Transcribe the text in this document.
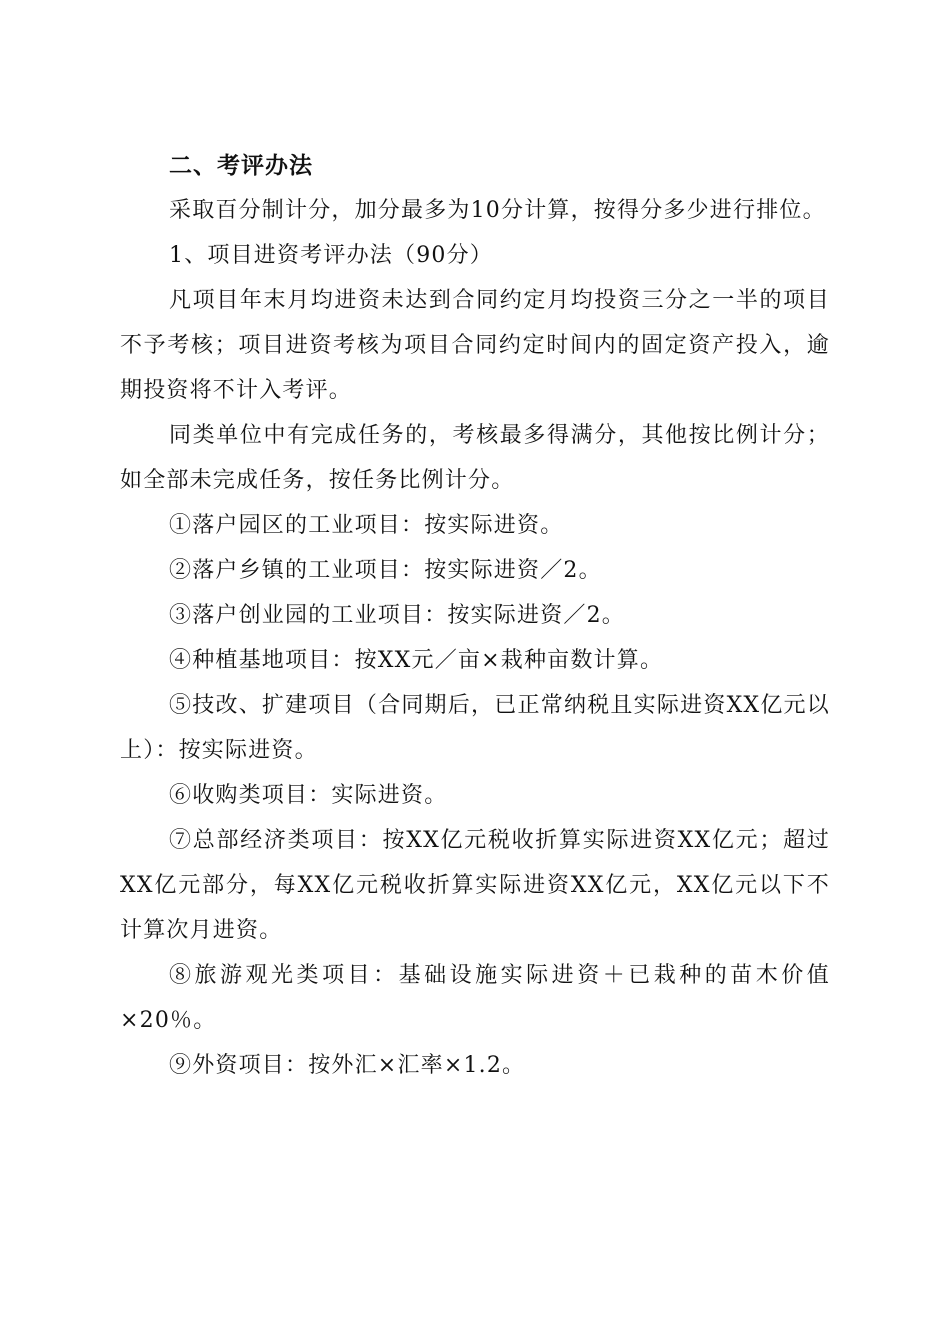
二、考评办法

采取百分制计分，加分最多为10分计算，按得分多少进行排位。

1、项目进资考评办法（90分）

凡项目年末月均进资未达到合同约定月均投资三分之一半的项目不予考核；项目进资考核为项目合同约定时间内的固定资产投入，逾期投资将不计入考评。

同类单位中有完成任务的，考核最多得满分，其他按比例计分；如全部未完成任务，按任务比例计分。

①落户园区的工业项目：按实际进资。

②落户乡镇的工业项目：按实际进资／2。

③落户创业园的工业项目：按实际进资／2。

④种植基地项目：按XX元／亩×栽种亩数计算。

⑤技改、扩建项目（合同期后，已正常纳税且实际进资XX亿元以上）：按实际进资。

⑥收购类项目：实际进资。

⑦总部经济类项目：按XX亿元税收折算实际进资XX亿元；超过XX亿元部分，每XX亿元税收折算实际进资XX亿元，XX亿元以下不计算次月进资。

⑧旅游观光类项目：基础设施实际进资＋已栽种的苗木价值×20％。

⑨外资项目：按外汇×汇率×1.2。
